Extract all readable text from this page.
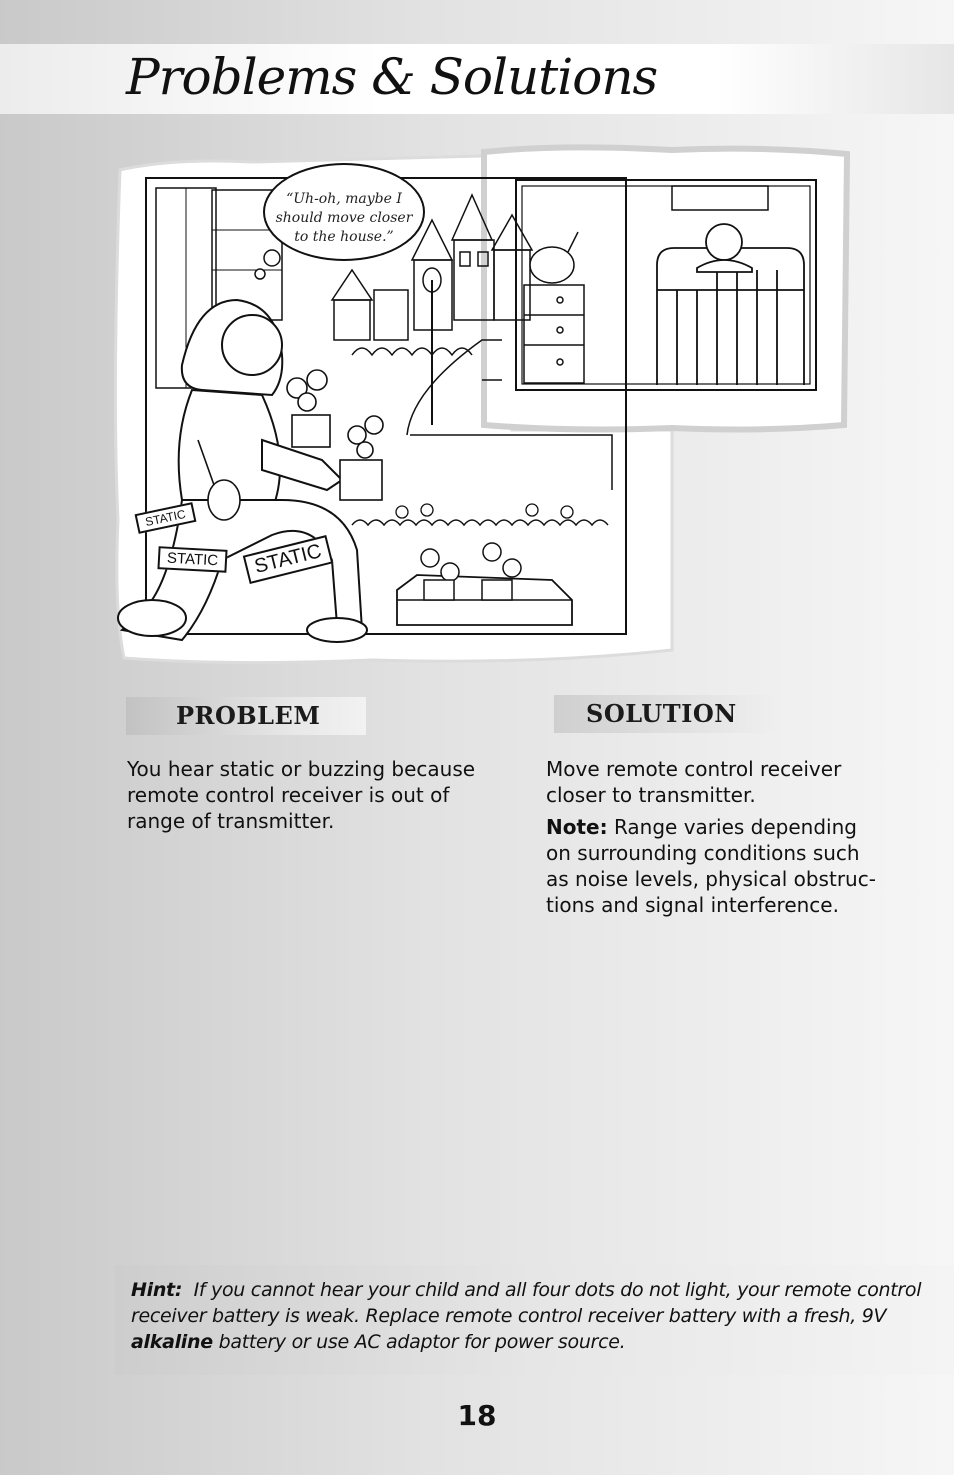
Problems & Solutions
“Uh-oh, maybe I should move closer to the house.”
STATIC
STATIC	STATIC
PROBLEM

You hear static or buzzing because remote control receiver is out of range of transmitter.

SOLUTION

Move remote control receiver closer to transmitter.

Note: Range varies depending on surrounding conditions such as noise levels, physical obstruc-tions and signal interference.

Hint: If you cannot hear your child and all four dots do not light, your remote control receiver battery is weak. Replace remote control receiver battery with a fresh, 9V alkaline battery or use AC adaptor for power source.

18
